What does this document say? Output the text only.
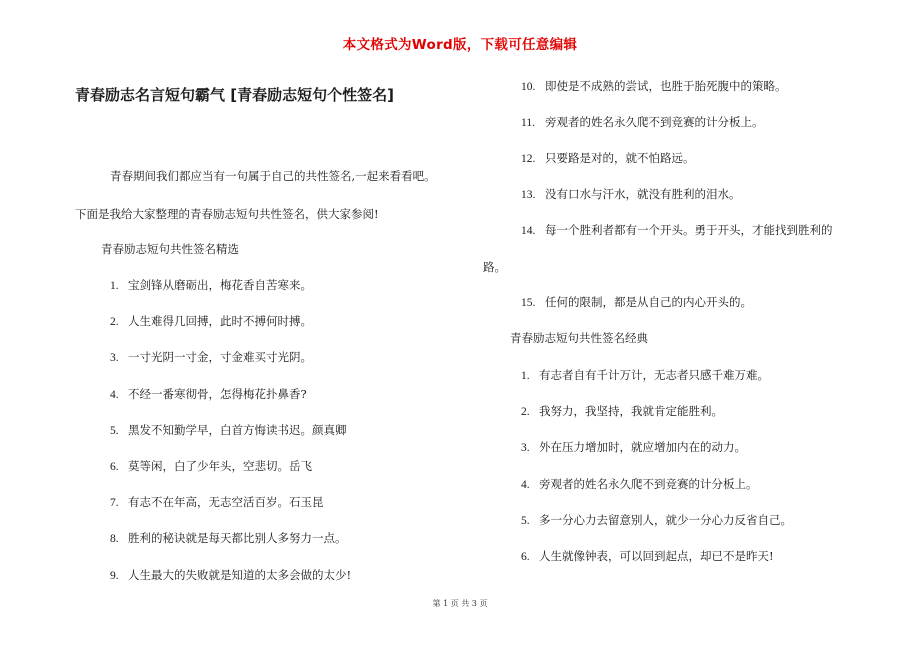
本文格式为Word版，下载可任意编辑
青春励志名言短句霸气 [青春励志短句个性签名]
青春期间我们都应当有一句属于自己的共性签名,一起来看看吧。
下面是我给大家整理的青春励志短句共性签名，供大家参阅!
青春励志短句共性签名精选
1. 宝剑锋从磨砺出，梅花香自苦寒来。
2. 人生难得几回搏，此时不搏何时搏。
3. 一寸光阴一寸金，寸金难买寸光阴。
4. 不经一番寒彻骨，怎得梅花扑鼻香?
5. 黑发不知勤学早，白首方悔读书迟。颜真卿
6. 莫等闲，白了少年头，空悲切。岳飞
7. 有志不在年高，无志空活百岁。石玉昆
8. 胜利的秘诀就是每天都比别人多努力一点。
9. 人生最大的失败就是知道的太多会做的太少!
10. 即使是不成熟的尝试，也胜于胎死腹中的策略。
11. 旁观者的姓名永久爬不到竞赛的计分板上。
12. 只要路是对的，就不怕路远。
13. 没有口水与汗水，就没有胜利的泪水。
14. 每一个胜利者都有一个开头。勇于开头，才能找到胜利的
路。
15. 任何的限制，都是从自己的内心开头的。
青春励志短句共性签名经典
1. 有志者自有千计万计，无志者只感千难万难。
2. 我努力，我坚持，我就肯定能胜利。
3. 外在压力增加时，就应增加内在的动力。
4. 旁观者的姓名永久爬不到竞赛的计分板上。
5. 多一分心力去留意别人，就少一分心力反省自己。
6. 人生就像钟表，可以回到起点，却已不是昨天!
第 1 页 共 3 页
